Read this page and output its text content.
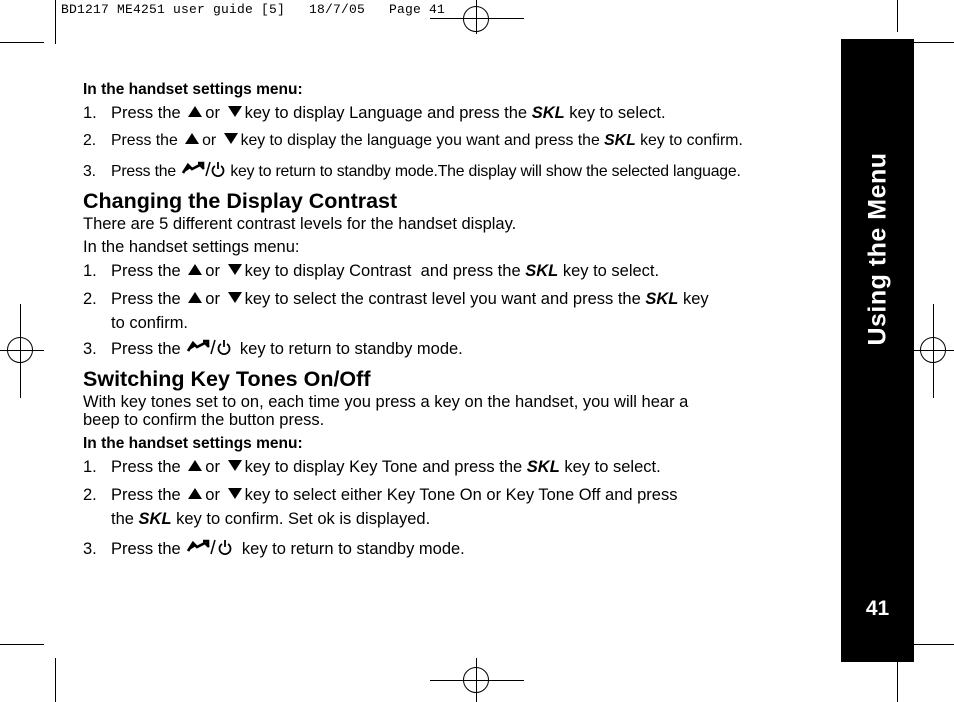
BD1217 ME4251 user guide [5]   18/7/05   Page 41
Using the Menu
41
In the handset settings menu:
1. Press the or key to display Language and press the SKL key to select.
2. Press the or key to display the language you want and press the SKL key to confirm.
3. Press the	key to return to standby mode.The display will show the selected language.
Changing the Display Contrast
There are 5 different contrast levels for the handset display.
In the handset settings menu:
1. Press the or key to display Contrast  and press the SKL key to select.
2. Press the or key to select the contrast level you want and press the SKL key
to confirm.
3. Press the	key to return to standby mode.
Switching Key Tones On/Off
With key tones set to on, each time you press a key on the handset, you will hear a
beep to confirm the button press.
In the handset settings menu:
1. Press the or key to display Key Tone and press the SKL key to select.
2. Press the or key to select either Key Tone On or Key Tone Off and press
the SKL key to confirm. Set ok is displayed.
3. Press the	key to return to standby mode.
